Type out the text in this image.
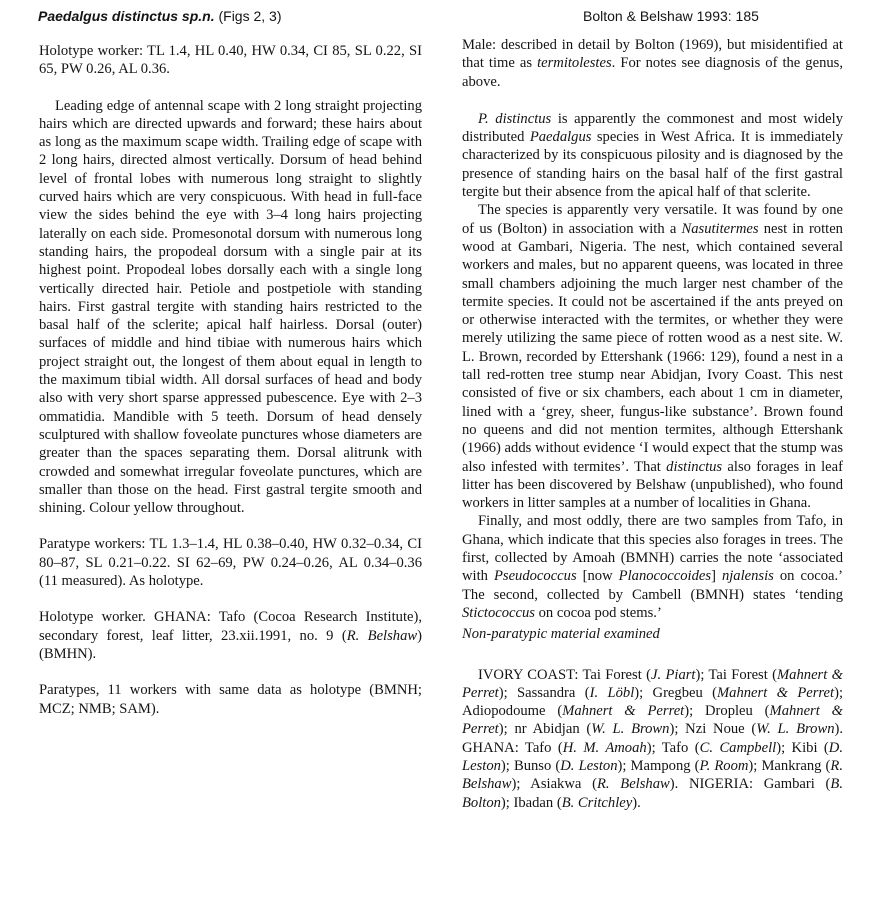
Paedalgus distinctus sp.n. (Figs 2, 3)	Bolton & Belshaw 1993: 185

Holotype worker: TL 1.4, HL 0.40, HW 0.34, CI 85, SL 0.22, SI 65, PW 0.26, AL 0.36.

Leading edge of antennal scape with 2 long straight projecting hairs which are directed upwards and forward; these hairs about as long as the maximum scape width. Trailing edge of scape with 2 long hairs, directed almost vertically. Dorsum of head behind level of frontal lobes with numerous long straight to slightly curved hairs which are very conspicuous. With head in full-face view the sides behind the eye with 3–4 long hairs projecting laterally on each side. Promesonotal dorsum with numerous long standing hairs, the propodeal dorsum with a single pair at its highest point. Propodeal lobes dorsally each with a single long vertically directed hair. Petiole and postpetiole with standing hairs. First gastral tergite with standing hairs restricted to the basal half of the sclerite; apical half hairless. Dorsal (outer) surfaces of middle and hind tibiae with numerous hairs which project straight out, the longest of them about equal in length to the maximum tibial width. All dorsal surfaces of head and body also with very short sparse appressed pubescence. Eye with 2–3 ommatidia. Mandible with 5 teeth. Dorsum of head densely sculptured with shallow foveolate punctures whose diameters are greater than the spaces separating them. Dorsal alitrunk with crowded and somewhat irregular foveolate punctures, which are smaller than those on the head. First gastral tergite smooth and shining. Colour yellow throughout.

Paratype workers: TL 1.3–1.4, HL 0.38–0.40, HW 0.32–0.34, CI 80–87, SL 0.21–0.22. SI 62–69, PW 0.24–0.26, AL 0.34–0.36 (11 measured). As holotype.

Holotype worker. GHANA: Tafo (Cocoa Research Institute), secondary forest, leaf litter, 23.xii.1991, no. 9 (R. Belshaw) (BMHN).

Paratypes, 11 workers with same data as holotype (BMNH; MCZ; NMB; SAM).

Male: described in detail by Bolton (1969), but misidentified at that time as termitolestes. For notes see diagnosis of the genus, above.

P. distinctus is apparently the commonest and most widely distributed Paedalgus species in West Africa. It is immediately characterized by its conspicuous pilosity and is diagnosed by the presence of standing hairs on the basal half of the first gastral tergite but their absence from the apical half of that sclerite.

The species is apparently very versatile. It was found by one of us (Bolton) in association with a Nasutitermes nest in rotten wood at Gambari, Nigeria. The nest, which contained several workers and males, but no apparent queens, was located in three small chambers adjoining the much larger nest chamber of the termite species. It could not be ascertained if the ants preyed on or otherwise interacted with the termites, or whether they were merely utilizing the same piece of rotten wood as a nest site. W. L. Brown, recorded by Ettershank (1966: 129), found a nest in a tall red-rotten tree stump near Abidjan, Ivory Coast. This nest consisted of five or six chambers, each about 1 cm in diameter, lined with a ‘grey, sheer, fungus-like substance’. Brown found no queens and did not mention termites, although Ettershank (1966) adds without evidence ‘I would expect that the stump was also infested with termites’. That distinctus also forages in leaf litter has been discovered by Belshaw (unpublished), who found workers in litter samples at a number of localities in Ghana.

Finally, and most oddly, there are two samples from Tafo, in Ghana, which indicate that this species also forages in trees. The first, collected by Amoah (BMNH) carries the note ‘associated with Pseudococcus [now Planococcoides] njalensis on cocoa.’ The second, collected by Cambell (BMNH) states ‘tending Stictococcus on cocoa pod stems.’

Non-paratypic material examined

IVORY COAST: Tai Forest (J. Piart); Tai Forest (Mahnert & Perret); Sassandra (I. Löbl); Gregbeu (Mahnert & Perret); Adiopodoume (Mahnert & Perret); Dropleu (Mahnert & Perret); nr Abidjan (W. L. Brown); Nzi Noue (W. L. Brown). GHANA: Tafo (H. M. Amoah); Tafo (C. Campbell); Kibi (D. Leston); Bunso (D. Leston); Mampong (P. Room); Mankrang (R. Belshaw); Asiakwa (R. Belshaw). NIGERIA: Gambari (B. Bolton); Ibadan (B. Critchley).
